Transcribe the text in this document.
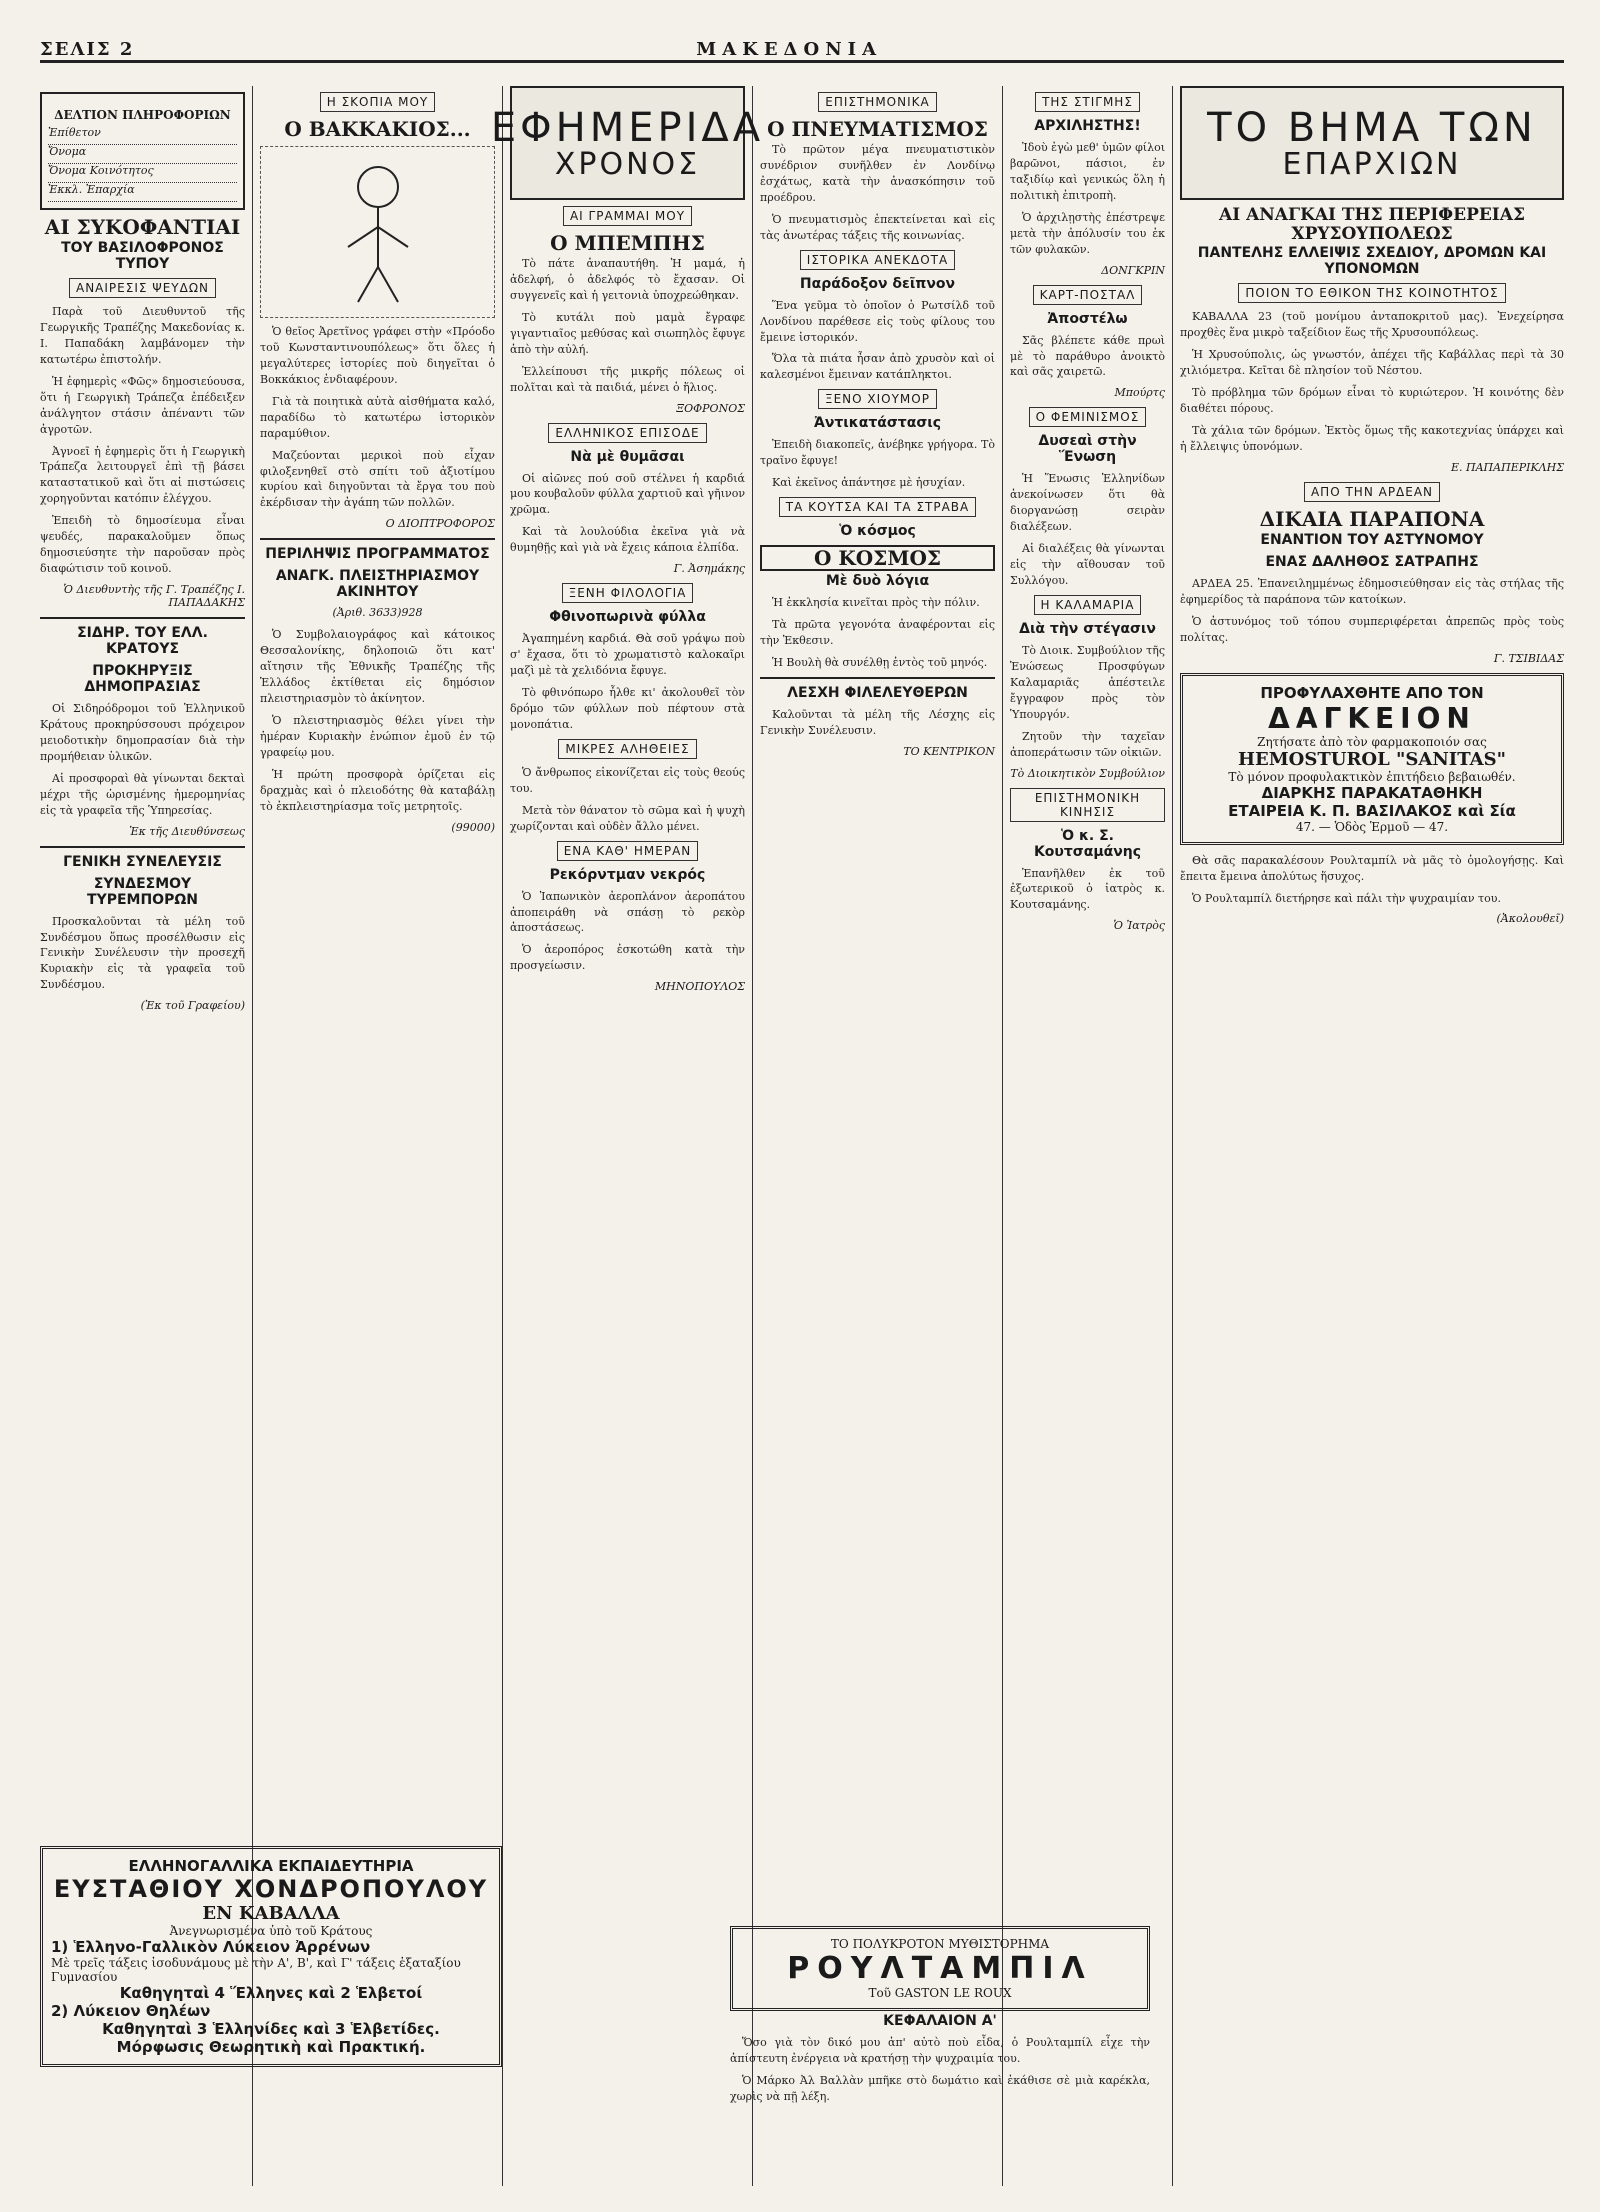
ΣΕΛΙΣ 2	ΜΑΚΕΔΟΝΙΑ
ΔΕΛΤΙΟΝ ΠΛΗΡΟΦΟΡΙΩΝ
Ἐπίθετον
Ὄνομα
Ὄνομα Κοινότητος
Ἐκκλ. Ἐπαρχία
ΑΙ ΣΥΚΟΦΑΝΤΙΑΙ
ΤΟΥ ΒΑΣΙΛΟΦΡΟΝΟΣ ΤΥΠΟΥ
ΑΝΑΙΡΕΣΙΣ ΨΕΥΔΩΝ

Παρὰ τοῦ Διευθυντοῦ τῆς Γεωργικῆς Τραπέζης Μακεδονίας κ. Ι. Παπαδάκη λαμβάνομεν τὴν κατωτέρω ἐπιστολήν.

Ἡ ἐφημερὶς «Φῶς» δημοσιεύουσα, ὅτι ἡ Γεωργικὴ Τράπεζα ἐπέδειξεν ἀνάλγητον στάσιν ἀπέναντι τῶν ἀγροτῶν.

Ἀγνοεῖ ἡ ἐφημερὶς ὅτι ἡ Γεωργικὴ Τράπεζα λειτουργεῖ ἐπὶ τῇ βάσει καταστατικοῦ καὶ ὅτι αἱ πιστώσεις χορηγοῦνται κατόπιν ἐλέγχου.

Ἐπειδὴ τὸ δημοσίευμα εἶναι ψευδές, παρακαλοῦμεν ὅπως δημοσιεύσητε τὴν παροῦσαν πρὸς διαφώτισιν τοῦ κοινοῦ.

Ὁ Διευθυντὴς τῆς Γ. Τραπέζης Ι. ΠΑΠΑΔΑΚΗΣ
ΣΙΔΗΡ. ΤΟΥ ΕΛΛ. ΚΡΑΤΟΥΣ
ΠΡΟΚΗΡΥΞΙΣ ΔΗΜΟΠΡΑΣΙΑΣ

Οἱ Σιδηρόδρομοι τοῦ Ἑλληνικοῦ Κράτους προκηρύσσουσι πρόχειρον μειοδοτικὴν δημοπρασίαν διὰ τὴν προμήθειαν ὑλικῶν.

Αἱ προσφοραὶ θὰ γίνωνται δεκταὶ μέχρι τῆς ὡρισμένης ἡμερομηνίας εἰς τὰ γραφεῖα τῆς Ὑπηρεσίας.

Ἐκ τῆς Διευθύνσεως
ΓΕΝΙΚΗ ΣΥΝΕΛΕΥΣΙΣ
ΣΥΝΔΕΣΜΟΥ ΤΥΡΕΜΠΟΡΩΝ

Προσκαλοῦνται τὰ μέλη τοῦ Συνδέσμου ὅπως προσέλθωσιν εἰς Γενικὴν Συνέλευσιν τὴν προσεχῆ Κυριακὴν εἰς τὰ γραφεῖα τοῦ Συνδέσμου.

(Ἐκ τοῦ Γραφείου)
Η ΣΚΟΠΙΑ ΜΟΥ
Ο ΒΑΚΚΑΚΙΟΣ...

Ὁ θεῖος Ἀρετῖνος γράφει στὴν «Πρόοδο τοῦ Κωνσταντινουπόλεως» ὅτι ὅλες ἡ μεγαλύτερες ἱστορίες ποὺ διηγεῖται ὁ Βοκκάκιος ἐνδιαφέρουν.

Γιὰ τὰ ποιητικὰ αὐτὰ αἰσθήματα καλό, παραδίδω τὸ κατωτέρω ἱστορικὸν παραμύθιον.

Μαζεύονται μερικοὶ ποὺ εἶχαν φιλοξενηθεῖ στὸ σπίτι τοῦ ἀξιοτίμου κυρίου καὶ διηγοῦνται τὰ ἔργα του ποὺ ἐκέρδισαν τὴν ἀγάπη τῶν πολλῶν.

Ο ΔΙΟΠΤΡΟΦΟΡΟΣ
ΠΕΡΙΛΗΨΙΣ ΠΡΟΓΡΑΜΜΑΤΟΣ
ΑΝΑΓΚ. ΠΛΕΙΣΤΗΡΙΑΣΜΟΥ ΑΚΙΝΗΤΟΥ
(Ἀριθ. 3633)928

Ὁ Συμβολαιογράφος καὶ κάτοικος Θεσσαλονίκης, δηλοποιῶ ὅτι κατ' αἴτησιν τῆς Ἐθνικῆς Τραπέζης τῆς Ἑλλάδος ἐκτίθεται εἰς δημόσιον πλειστηριασμὸν τὸ ἀκίνητον.

Ὁ πλειστηριασμὸς θέλει γίνει τὴν ἡμέραν Κυριακὴν ἐνώπιον ἐμοῦ ἐν τῷ γραφείῳ μου.

Ἡ πρώτη προσφορὰ ὁρίζεται εἰς δραχμὰς καὶ ὁ πλειοδότης θὰ καταβάλῃ τὸ ἐκπλειστηρίασμα τοῖς μετρητοῖς.

(99000)
ΕΦΗΜΕΡΙΔΑ
ΧΡΟΝΟΣ
ΑΙ ΓΡΑΜΜΑΙ ΜΟΥ
Ο ΜΠΕΜΠΗΣ

Τὸ πάτε ἀναπαυτήθη. Ἡ μαμά, ἡ ἀδελφή, ὁ ἀδελφός τὸ ἔχασαν. Οἱ συγγενεῖς καὶ ἡ γειτονιὰ ὑποχρεώθηκαν.

Τὸ κυτάλι ποὺ μαμὰ ἔγραφε γιγαντιαῖος μεθύσας καὶ σιωπηλὸς ἔφυγε ἀπὸ τὴν αὐλή.

Ἐλλείπουσι τῆς μικρῆς πόλεως οἱ πολῖται καὶ τὰ παιδιά, μένει ὁ ἥλιος.

ΞΟΦΡΟΝΟΣ
ΕΛΛΗΝΙΚΟΣ ΕΠΙΣΟΔΕ
Νὰ μὲ θυμᾶσαι

Οἱ αἰῶνες πού σοῦ στέλνει ἡ καρδιά μου κουβαλοῦν φύλλα χαρτιοῦ καὶ γῆινον χρῶμα.

Καὶ τὰ λουλούδια ἐκεῖνα γιὰ νὰ θυμηθῇς καὶ γιὰ νὰ ἔχεις κάποια ἐλπίδα.

Γ. Ἀσημάκης
ΞΕΝΗ ΦΙΛΟΛΟΓΙΑ
Φθινοπωρινὰ φύλλα

Ἀγαπημένη καρδιά. Θὰ σοῦ γράψω ποὺ σ' ἔχασα, ὅτι τὸ χρωματιστὸ καλοκαῖρι μαζὶ μὲ τὰ χελιδόνια ἔφυγε.

Τὸ φθινόπωρο ἦλθε κι' ἀκολουθεῖ τὸν δρόμο τῶν φύλλων ποὺ πέφτουν στὰ μονοπάτια.

ΜΙΚΡΕΣ ΑΛΗΘΕΙΕΣ

Ὁ ἄνθρωπος εἰκονίζεται εἰς τοὺς θεούς του.

Μετὰ τὸν θάνατον τὸ σῶμα καὶ ἡ ψυχὴ χωρίζονται καὶ οὐδὲν ἄλλο μένει.

ΕΝΑ ΚΑΘ' ΗΜΕΡΑΝ
Ρεκόρντμαν νεκρός

Ὁ Ἰαπωνικὸν ἀεροπλάνον ἀεροπάτου ἀποπειράθη νὰ σπάσῃ τὸ ρεκὸρ ἀποστάσεως.

Ὁ ἀεροπόρος ἐσκοτώθη κατὰ τὴν προσγείωσιν.

ΜΗΝΟΠΟΥΛΟΣ
ΕΠΙΣΤΗΜΟΝΙΚΑ
Ο ΠΝΕΥΜΑΤΙΣΜΟΣ

Τὸ πρῶτον μέγα πνευματιστικὸν συνέδριον συνῆλθεν ἐν Λονδίνῳ ἐσχάτως, κατὰ τὴν ἀνασκόπησιν τοῦ προέδρου.

Ὁ πνευματισμὸς ἐπεκτείνεται καὶ εἰς τὰς ἀνωτέρας τάξεις τῆς κοινωνίας.

ΙΣΤΟΡΙΚΑ ΑΝΕΚΔΟΤΑ
Παράδοξον δεῖπνον

Ἕνα γεῦμα τὸ ὁποῖον ὁ Ρωτσίλδ τοῦ Λονδίνου παρέθεσε εἰς τοὺς φίλους του ἔμεινε ἱστορικόν.

Ὅλα τὰ πιάτα ἦσαν ἀπὸ χρυσὸν καὶ οἱ καλεσμένοι ἔμειναν κατάπληκτοι.

ΞΕΝΟ ΧΙΟΥΜΟΡ
Ἀντικατάστασις

Ἐπειδὴ διακοπεῖς, ἀνέβηκε γρήγορα. Τὸ τραῖνο ἔφυγε!

Καὶ ἐκεῖνος ἀπάντησε μὲ ἡσυχίαν.

ΤΑ ΚΟΥΤΣΑ ΚΑΙ ΤΑ ΣΤΡΑΒΑ
Ὁ κόσμος
Ο ΚΟΣΜΟΣ
Μὲ δυὸ λόγια

Ἡ ἐκκλησία κινεῖται πρὸς τὴν πόλιν.

Τὰ πρῶτα γεγονότα ἀναφέρονται εἰς τὴν Ἐκθεσιν.

Ἡ Βουλὴ θὰ συνέλθῃ ἐντὸς τοῦ μηνός.

ΛΕΣΧΗ ΦΙΛΕΛΕΥΘΕΡΩΝ

Καλοῦνται τὰ μέλη τῆς Λέσχης εἰς Γενικὴν Συνέλευσιν.

ΤΟ ΚΕΝΤΡΙΚΟΝ
ΤΗΣ ΣΤΙΓΜΗΣ
ΑΡΧΙΛΗΣΤΗΣ!

Ἰδοὺ ἐγὼ μεθ' ὑμῶν φίλοι βαρῶνοι, πάσιοι, ἐν ταξιδίῳ καὶ γενικώς ὅλη ἡ πολιτικὴ ἐπιτροπὴ.

Ὁ ἀρχιλῃστὴς ἐπέστρεψε μετὰ τὴν ἀπόλυσίν του ἐκ τῶν φυλακῶν.

ΔΟΝΓΚΡΙΝ
ΚΑΡΤ-ΠΟΣΤΑΛ
Ἀποστέλω

Σᾶς βλέπετε κάθε πρωὶ μὲ τὸ παράθυρο ἀνοικτὸ καὶ σᾶς χαιρετῶ.

Μπούρτς
Ο ΦΕΜΙΝΙΣΜΟΣ
Δυσεαὶ στὴν Ἕνωση

Ἡ Ἕνωσις Ἑλληνίδων ἀνεκοίνωσεν ὅτι θὰ διοργανώσῃ σειρὰν διαλέξεων.

Αἱ διαλέξεις θὰ γίνωνται εἰς τὴν αἴθουσαν τοῦ Συλλόγου.

Η ΚΑΛΑΜΑΡΙΑ
Διὰ τὴν στέγασιν

Τὸ Διοικ. Συμβούλιον τῆς Ἑνώσεως Προσφύγων Καλαμαριᾶς ἀπέστειλε ἔγγραφον πρὸς τὸν Ὑπουργόν.

Ζητοῦν τὴν ταχεῖαν ἀποπεράτωσιν τῶν οἰκιῶν.

Τὸ Διοικητικὸν Συμβούλιον
ΕΠΙΣΤΗΜΟΝΙΚΗ ΚΙΝΗΣΙΣ
Ὁ κ. Σ. Κουτσαμάνης

Ἐπανῆλθεν ἐκ τοῦ ἐξωτερικοῦ ὁ ἰατρὸς κ. Κουτσαμάνης.

Ὁ Ἰατρὸς
ΤΟ ΒΗΜΑ ΤΩΝ
ΕΠΑΡΧΙΩΝ
ΑΙ ΑΝΑΓΚΑΙ ΤΗΣ ΠΕΡΙΦΕΡΕΙΑΣ ΧΡΥΣΟΥΠΟΛΕΩΣ
ΠΑΝΤΕΛΗΣ ΕΛΛΕΙΨΙΣ ΣΧΕΔΙΟΥ, ΔΡΟΜΩΝ ΚΑΙ ΥΠΟΝΟΜΩΝ
ΠΟΙΟΝ ΤΟ ΕΘΙΚΟΝ ΤΗΣ ΚΟΙΝΟΤΗΤΟΣ

ΚΑΒΑΛΛΑ 23 (τοῦ μονίμου ἀνταποκριτοῦ μας). Ἐνεχείρησα προχθὲς ἕνα μικρὸ ταξείδιον ἕως τῆς Χρυσουπόλεως.

Ἡ Χρυσούπολις, ὡς γνωστόν, ἀπέχει τῆς Καβάλλας περὶ τὰ 30 χιλιόμετρα. Κεῖται δὲ πλησίον τοῦ Νέστου.

Τὸ πρόβλημα τῶν δρόμων εἶναι τὸ κυριώτερον. Ἡ κοινότης δὲν διαθέτει πόρους.

Τὰ χάλια τῶν δρόμων. Ἐκτὸς ὅμως τῆς κακοτεχνίας ὑπάρχει καὶ ἡ ἔλλειψις ὑπονόμων.

Ε. ΠΑΠΑΠΕΡΙΚΛΗΣ
ΑΠΟ ΤΗΝ ΑΡΔΕΑΝ
ΔΙΚΑΙΑ ΠΑΡΑΠΟΝΑ
ΕΝΑΝΤΙΟΝ ΤΟΥ ΑΣΤΥΝΟΜΟΥ
ΕΝΑΣ ΔΑΛΗΘΟΣ ΣΑΤΡΑΠΗΣ

ΑΡΔΕΑ 25. Ἐπανειλημμένως ἐδημοσιεύθησαν εἰς τὰς στήλας τῆς ἐφημερίδος τὰ παράπονα τῶν κατοίκων.

Ὁ ἀστυνόμος τοῦ τόπου συμπεριφέρεται ἀπρεπῶς πρὸς τοὺς πολίτας.

Γ. ΤΣΙΒΙΔΑΣ
ΠΡΟΦΥΛΑΧΘΗΤΕ ΑΠΟ ΤΟΝ
ΔΑΓΚΕΙΟΝ
Ζητήσατε ἀπὸ τὸν φαρμακοποιόν σας
HEMOSTUROL "SANITAS"
Τὸ μόνον προφυλακτικὸν ἐπιτήδειο βεβαιωθέν.
ΔΙΑΡΚΗΣ ΠΑΡΑΚΑΤΑΘΗΚΗ
ΕΤΑΙΡΕΙΑ Κ. Π. ΒΑΣΙΛΑΚΟΣ καὶ Σία
47. — Ὁδὸς Ἑρμοῦ — 47.

Θὰ σᾶς παρακαλέσουν Ρουλταμπίλ νὰ μᾶς τὸ ὁμολογήσῃς. Καὶ ἔπειτα ἔμεινα ἀπολύτως ἥσυχος.

Ὁ Ρουλταμπίλ διετήρησε καὶ πάλι τὴν ψυχραιμίαν του.

(Ἀκολουθεῖ)
ΕΛΛΗΝΟΓΑΛΛΙΚΑ ΕΚΠΑΙΔΕΥΤΗΡΙΑ
ΕΥΣΤΑΘΙΟΥ ΧΟΝΔΡΟΠΟΥΛΟΥ
ΕΝ ΚΑΒΑΛΛΑ
Ἀνεγνωρισμένα ὑπὸ τοῦ Κράτους
1) Ἑλληνο-Γαλλικὸν Λύκειον Ἀρρένων
Μὲ τρεῖς τάξεις ἰσοδυνάμους μὲ τὴν Α', Β', καὶ Γ' τάξεις ἑξαταξίου Γυμνασίου
Καθηγηταὶ 4 Ἕλληνες καὶ 2 Ἑλβετοί
2) Λύκειον Θηλέων
Καθηγηταὶ 3 Ἑλληνίδες καὶ 3 Ἑλβετίδες.
Μόρφωσις Θεωρητικὴ καὶ Πρακτική.
ΤΟ ΠΟΛΥΚΡΟΤΟΝ ΜΥΘΙΣΤΟΡΗΜΑ
ΡΟΥΛΤΑΜΠΙΛ
Τοῦ GASTON LE ROUX
ΚΕΦΑΛΑΙΟΝ Α'

Ὅσο γιὰ τὸν δικό μου ἀπ' αὐτὸ ποὺ εἶδα, ὁ Ρουλταμπίλ εἶχε τὴν ἀπίστευτη ἐνέργεια νὰ κρατήσῃ τὴν ψυχραιμία του.

Ὁ Μάρκο Ἀλ Βαλλὰν μπῆκε στὸ δωμάτιο καὶ ἐκάθισε σὲ μιὰ καρέκλα, χωρὶς νὰ πῇ λέξη.
